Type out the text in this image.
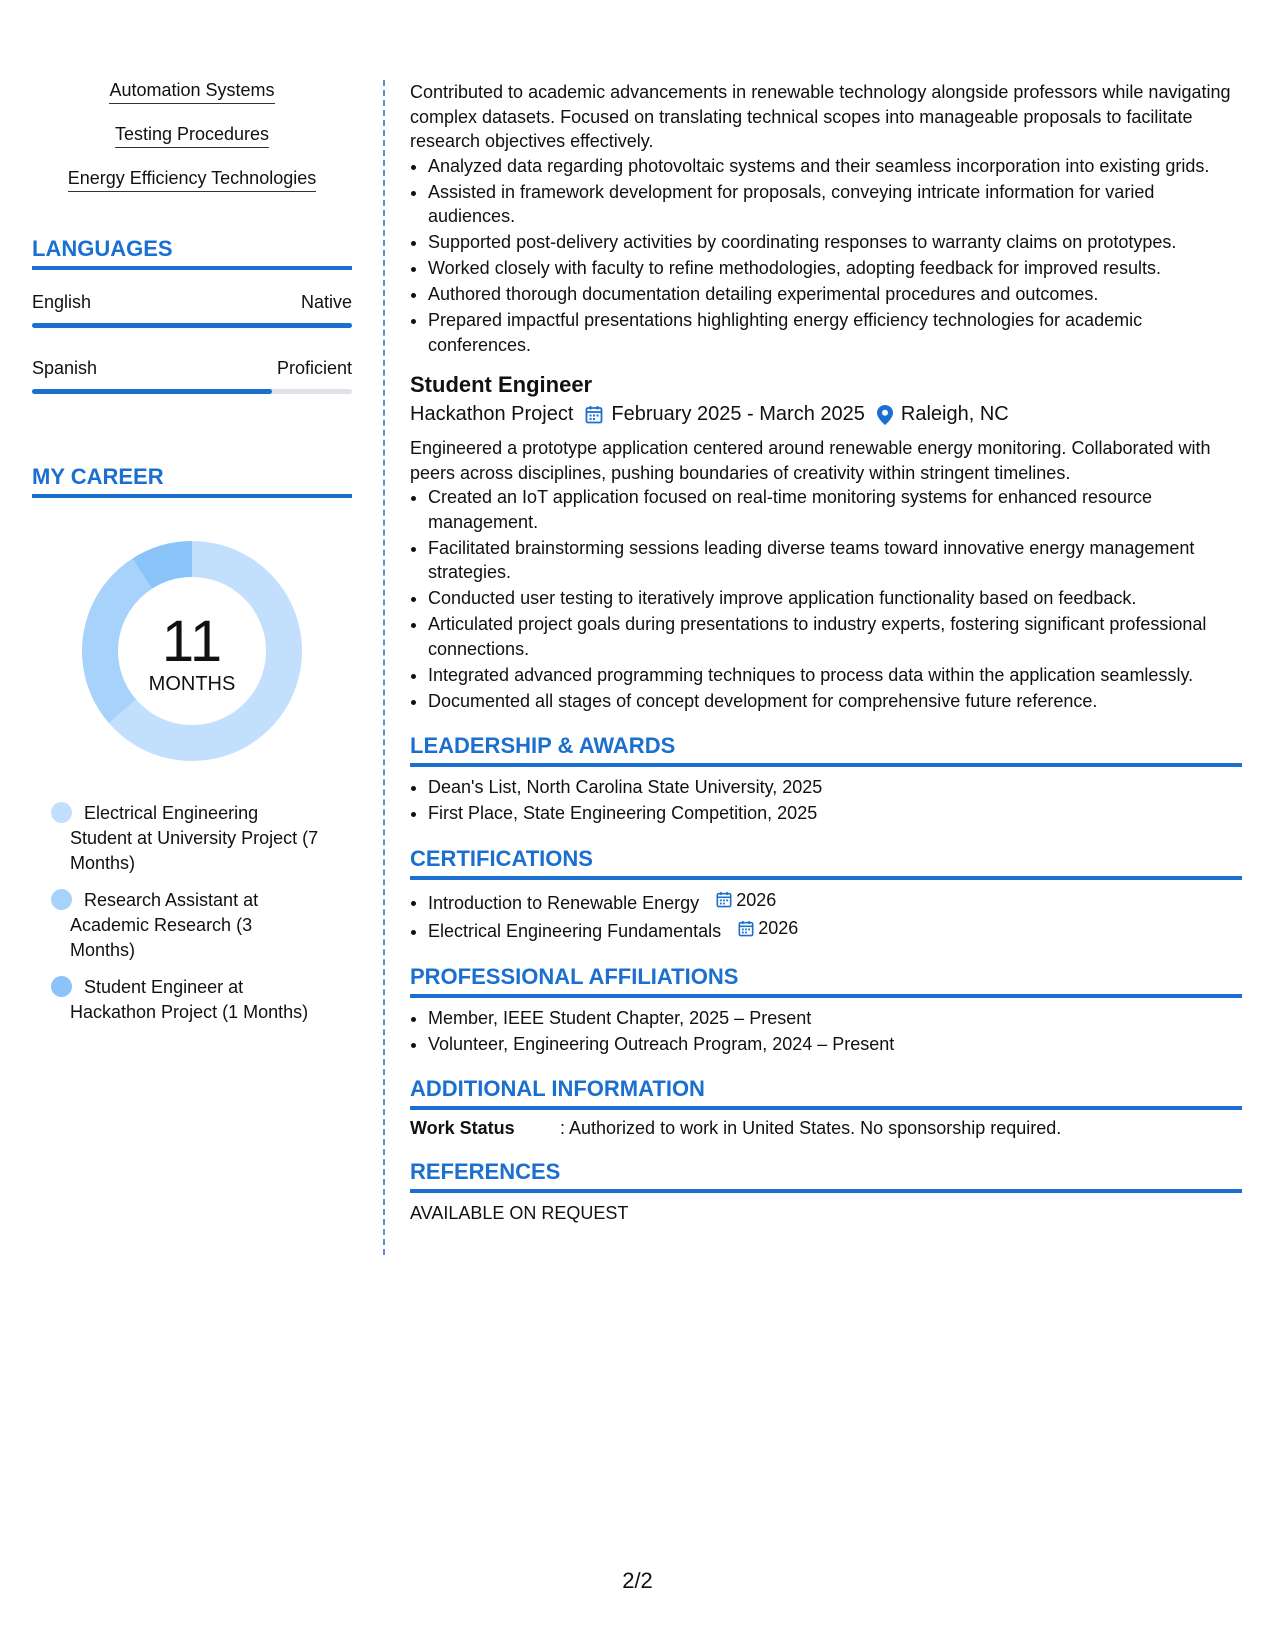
Automation Systems
Testing Procedures
Energy Efficiency Technologies
LANGUAGES
English	Native
Spanish	Proficient
MY CAREER
11
MONTHS
Electrical Engineering Student at University Project (7 Months)
Research Assistant at Academic Research (3 Months)
Student Engineer at Hackathon Project (1 Months)

Contributed to academic advancements in renewable technology alongside professors while navigating complex datasets. Focused on translating technical scopes into manageable proposals to facilitate research objectives effectively.

• Analyzed data regarding photovoltaic systems and their seamless incorporation into existing grids.
• Assisted in framework development for proposals, conveying intricate information for varied audiences.
• Supported post-delivery activities by coordinating responses to warranty claims on prototypes.
• Worked closely with faculty to refine methodologies, adopting feedback for improved results.
• Authored thorough documentation detailing experimental procedures and outcomes.
• Prepared impactful presentations highlighting energy efficiency technologies for academic conferences.
Student Engineer
Hackathon Project February 2025 - March 2025 Raleigh, NC

Engineered a prototype application centered around renewable energy monitoring. Collaborated with peers across disciplines, pushing boundaries of creativity within stringent timelines.

• Created an IoT application focused on real-time monitoring systems for enhanced resource management.
• Facilitated brainstorming sessions leading diverse teams toward innovative energy management strategies.
• Conducted user testing to iteratively improve application functionality based on feedback.
• Articulated project goals during presentations to industry experts, fostering significant professional connections.
• Integrated advanced programming techniques to process data within the application seamlessly.
• Documented all stages of concept development for comprehensive future reference.
LEADERSHIP & AWARDS
• Dean's List, North Carolina State University, 2025
• First Place, State Engineering Competition, 2025
CERTIFICATIONS
• Introduction to Renewable Energy 2026
• Electrical Engineering Fundamentals 2026
PROFESSIONAL AFFILIATIONS
• Member, IEEE Student Chapter, 2025 – Present
• Volunteer, Engineering Outreach Program, 2024 – Present
ADDITIONAL INFORMATION
Work Status	: Authorized to work in United States. No sponsorship required.
REFERENCES
AVAILABLE ON REQUEST
2/2
